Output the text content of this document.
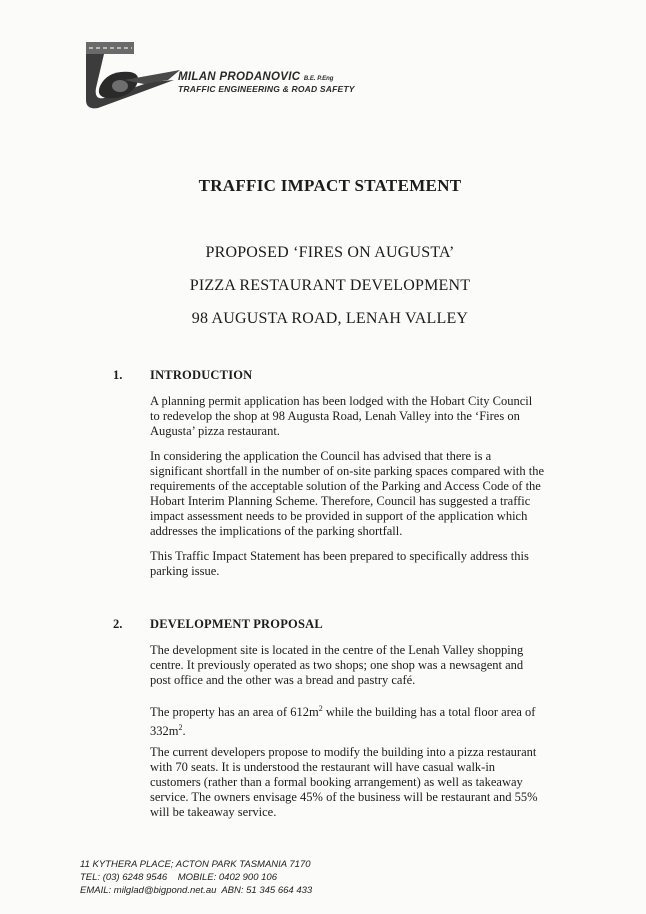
MILAN PRODANOVIC B.E. P.Eng
TRAFFIC ENGINEERING & ROAD SAFETY
TRAFFIC IMPACT STATEMENT
PROPOSED ‘FIRES ON AUGUSTA’
PIZZA RESTAURANT DEVELOPMENT
98 AUGUSTA ROAD, LENAH VALLEY
1. INTRODUCTION
A planning permit application has been lodged with the Hobart City Council to redevelop the shop at 98 Augusta Road, Lenah Valley into the ‘Fires on Augusta’ pizza restaurant.
In considering the application the Council has advised that there is a significant shortfall in the number of on-site parking spaces compared with the requirements of the acceptable solution of the Parking and Access Code of the Hobart Interim Planning Scheme. Therefore, Council has suggested a traffic impact assessment needs to be provided in support of the application which addresses the implications of the parking shortfall.
This Traffic Impact Statement has been prepared to specifically address this parking issue.
2. DEVELOPMENT PROPOSAL
The development site is located in the centre of the Lenah Valley shopping centre. It previously operated as two shops; one shop was a newsagent and post office and the other was a bread and pastry café.
The property has an area of $612m^2$ while the building has a total floor area of $332m^2$.
The current developers propose to modify the building into a pizza restaurant with 70 seats. It is understood the restaurant will have casual walk-in customers (rather than a formal booking arrangement) as well as takeaway service. The owners envisage 45% of the business will be restaurant and 55% will be takeaway service.
11 KYTHERA PLACE; ACTON PARK TASMANIA 7170
TEL: (03) 6248 9546    MOBILE: 0402 900 106
EMAIL: milglad@bigpond.net.au  ABN: 51 345 664 433
